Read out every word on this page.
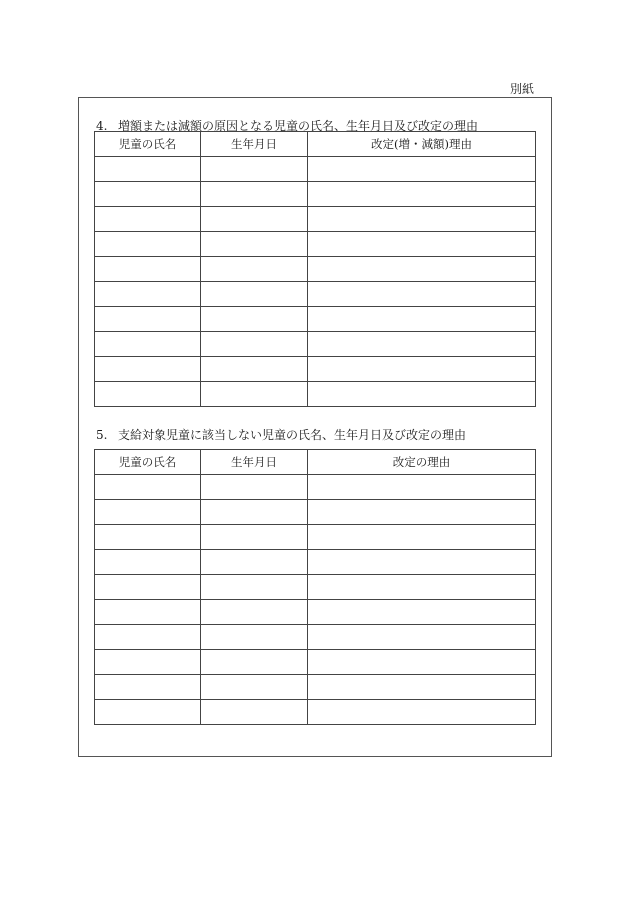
別紙
4. 増額または減額の原因となる児童の氏名、生年月日及び改定の理由
児童の氏名	生年月日	改定(増・減額)理由

5. 支給対象児童に該当しない児童の氏名、生年月日及び改定の理由
児童の氏名	生年月日	改定の理由
